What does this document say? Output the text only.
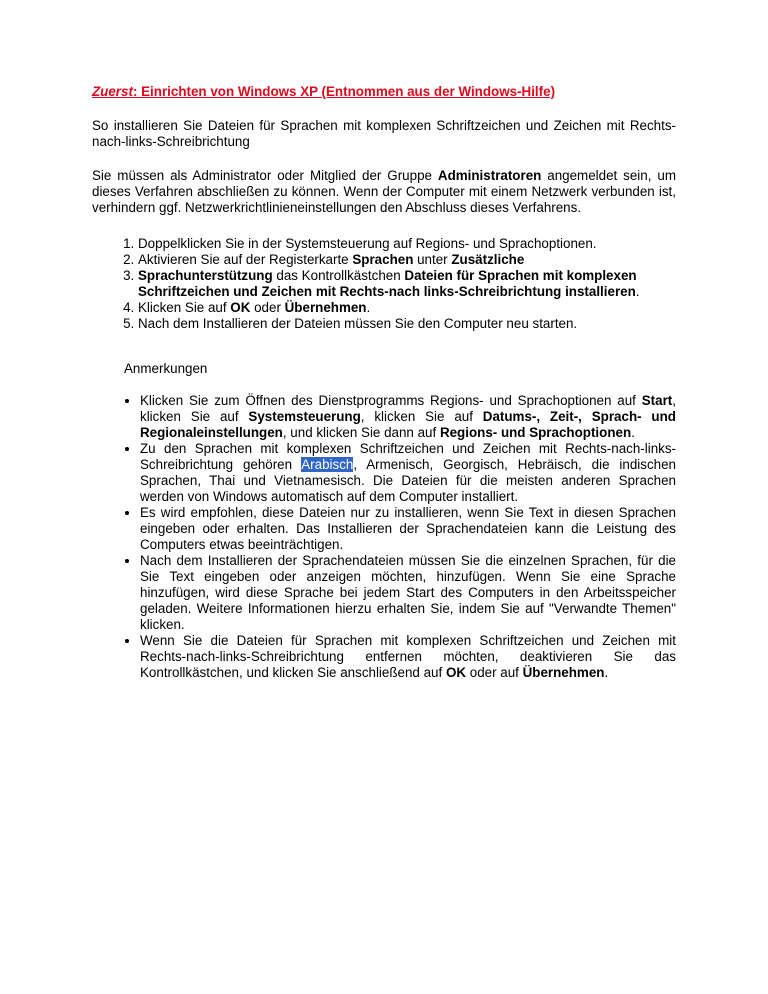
Zuerst: Einrichten von Windows XP (Entnommen aus der Windows-Hilfe)

So installieren Sie Dateien für Sprachen mit komplexen Schriftzeichen und Zeichen mit Rechts-nach-links-Schreibrichtung

Sie müssen als Administrator oder Mitglied der Gruppe Administratoren angemeldet sein, um dieses Verfahren abschließen zu können. Wenn der Computer mit einem Netzwerk verbunden ist, verhindern ggf. Netzwerkrichtlinieneinstellungen den Abschluss dieses Verfahrens.

1. Doppelklicken Sie in der Systemsteuerung auf Regions- und Sprachoptionen.
2. Aktivieren Sie auf der Registerkarte Sprachen unter Zusätzliche
3. Sprachunterstützung das Kontrollkästchen Dateien für Sprachen mit komplexen Schriftzeichen und Zeichen mit Rechts-nach links-Schreibrichtung installieren.
4. Klicken Sie auf OK oder Übernehmen.
5. Nach dem Installieren der Dateien müssen Sie den Computer neu starten.

Anmerkungen

• Klicken Sie zum Öffnen des Dienstprogramms Regions- und Sprachoptionen auf Start, klicken Sie auf Systemsteuerung, klicken Sie auf Datums-, Zeit-, Sprach- und Regionaleinstellungen, und klicken Sie dann auf Regions- und Sprachoptionen.
• Zu den Sprachen mit komplexen Schriftzeichen und Zeichen mit Rechts-nach-links-Schreibrichtung gehören Arabisch, Armenisch, Georgisch, Hebräisch, die indischen Sprachen, Thai und Vietnamesisch. Die Dateien für die meisten anderen Sprachen werden von Windows automatisch auf dem Computer installiert.
• Es wird empfohlen, diese Dateien nur zu installieren, wenn Sie Text in diesen Sprachen eingeben oder erhalten. Das Installieren der Sprachendateien kann die Leistung des Computers etwas beeinträchtigen.
• Nach dem Installieren der Sprachendateien müssen Sie die einzelnen Sprachen, für die Sie Text eingeben oder anzeigen möchten, hinzufügen. Wenn Sie eine Sprache hinzufügen, wird diese Sprache bei jedem Start des Computers in den Arbeitsspeicher geladen. Weitere Informationen hierzu erhalten Sie, indem Sie auf "Verwandte Themen" klicken.
• Wenn Sie die Dateien für Sprachen mit komplexen Schriftzeichen und Zeichen mit Rechts-nach-links-Schreibrichtung entfernen möchten, deaktivieren Sie das Kontrollkästchen, und klicken Sie anschließend auf OK oder auf Übernehmen.
